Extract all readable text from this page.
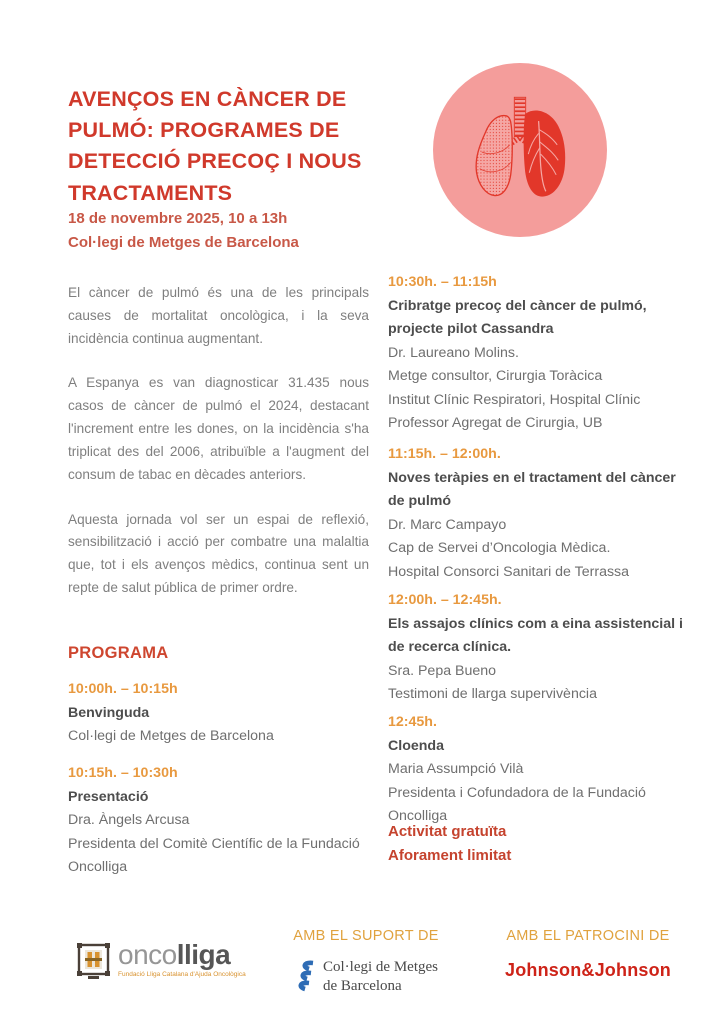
AVENÇOS EN CÀNCER DE
PULMÓ: PROGRAMES DE
DETECCIÓ PRECOÇ I NOUS
TRACTAMENTS
18 de novembre 2025, 10 a 13h
Col·legi de Metges de Barcelona

El càncer de pulmó és una de les principals causes de mortalitat oncològica, i la seva incidència continua augmentant.

A Espanya es van diagnosticar 31.435 nous casos de càncer de pulmó el 2024, destacant l'increment entre les dones, on la incidència s'ha triplicat des del 2006, atribuïble a l'augment del consum de tabac en dècades anteriors.

Aquesta jornada vol ser un espai de reflexió, sensibilització i acció per combatre una malaltia que, tot i els avenços mèdics, continua sent un repte de salut pública de primer ordre.

PROGRAMA
10:00h. – 10:15h
Benvinguda
Col·legi de Metges de Barcelona
10:15h. – 10:30h
Presentació
Dra. Àngels Arcusa
Presidenta del Comitè Científic de la Fundació Oncolliga
10:30h. – 11:15h
Cribratge precoç del càncer de pulmó, projecte pilot Cassandra
Dr. Laureano Molins.
Metge consultor, Cirurgia Toràcica
Institut Clínic Respiratori, Hospital Clínic
Professor Agregat de Cirurgia, UB
11:15h. – 12:00h.
Noves teràpies en el tractament del càncer de pulmó
Dr. Marc Campayo
Cap de Servei d’Oncologia Mèdica.
Hospital Consorci Sanitari de Terrassa
12:00h. – 12:45h.
Els assajos clínics com a eina assistencial i de recerca clínica.
Sra. Pepa Bueno
Testimoni de llarga supervivència
12:45h.
Cloenda
Maria Assumpció Vilà
Presidenta i Cofundadora de la Fundació Oncolliga
Activitat gratuïta
Aforament limitat
oncolliga
Fundació Lliga Catalana d'Ajuda Oncològica
AMB EL SUPORT DE
Col·legi de Metges
de Barcelona
AMB EL PATROCINI DE
Johnson&Johnson
